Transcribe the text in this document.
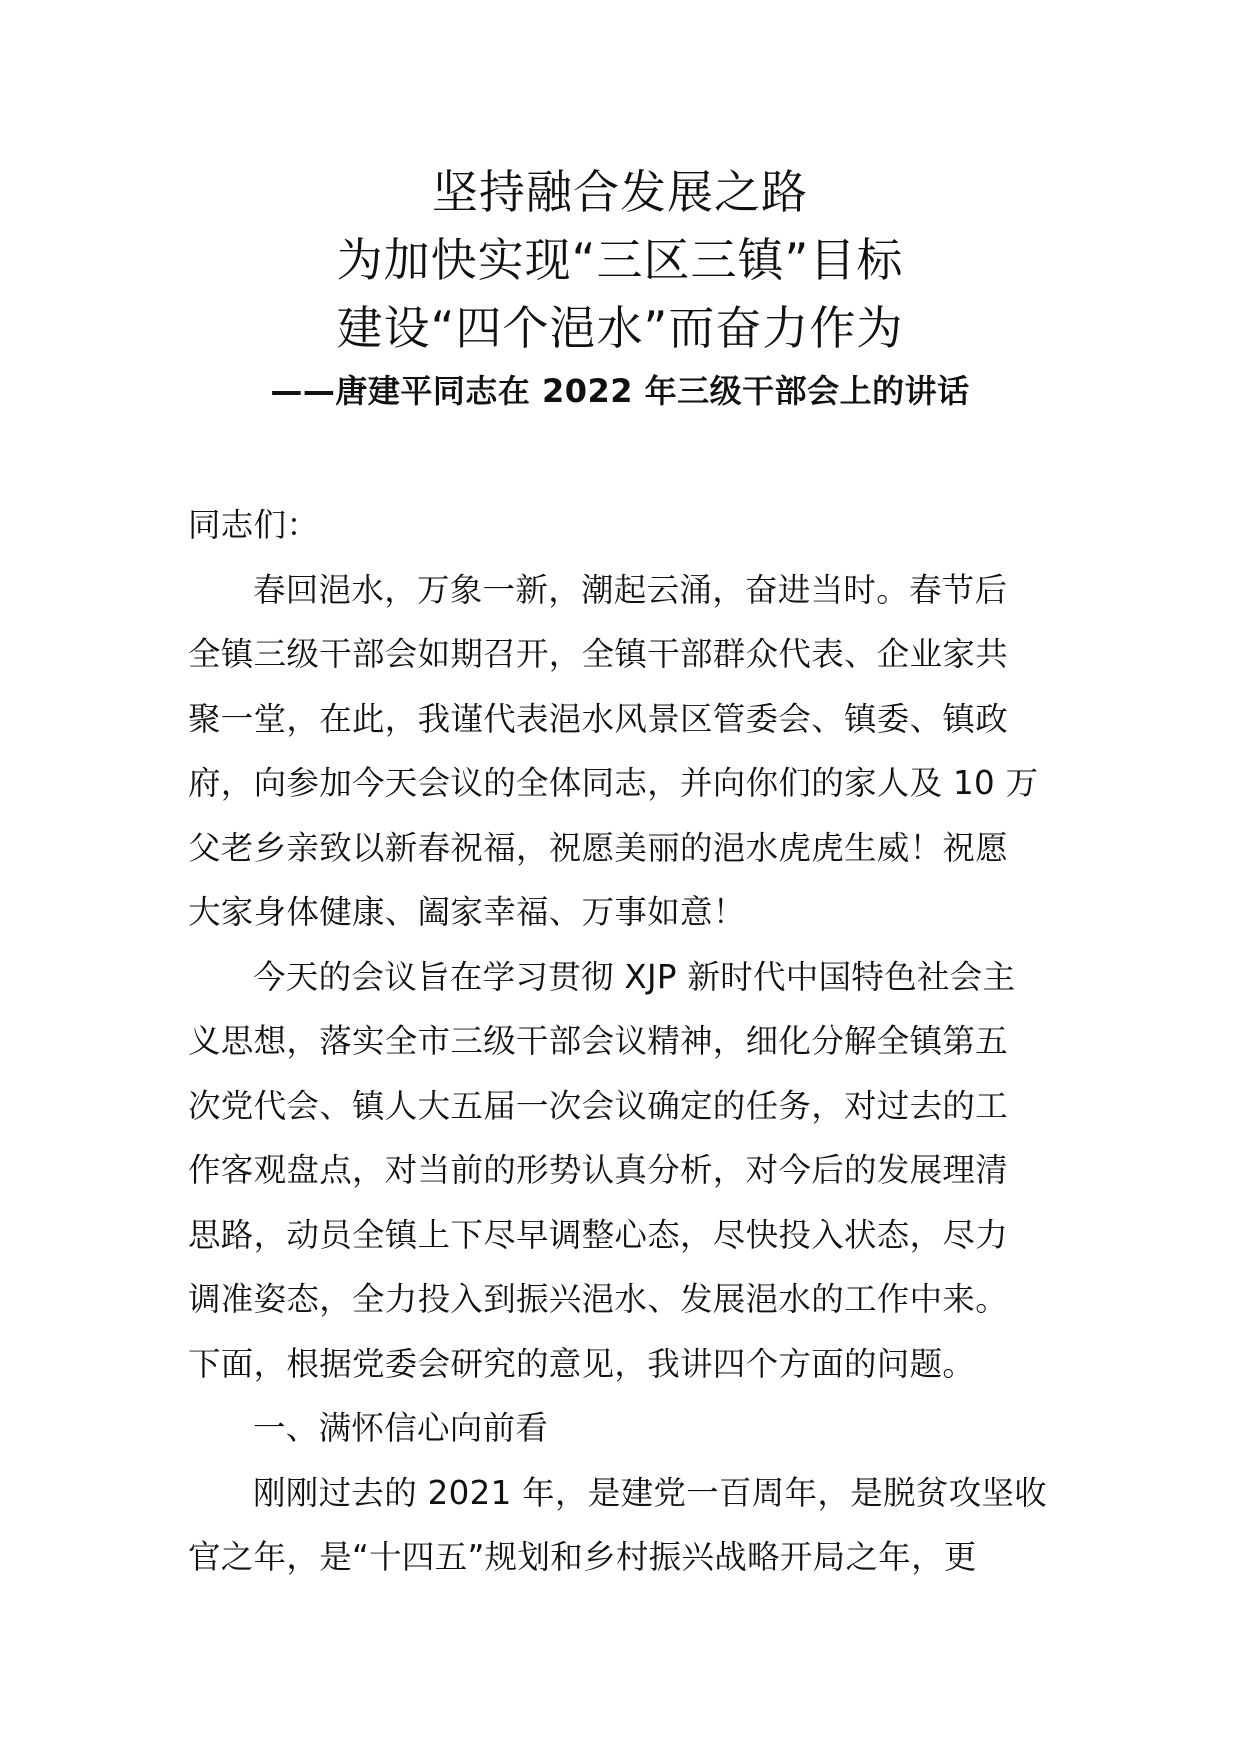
坚持融合发展之路
为加快实现“三区三镇”目标
建设“四个浥水”而奋力作为
——唐建平同志在 2022 年三级干部会上的讲话
同志们：
春回浥水，万象一新，潮起云涌，奋进当时。春节后
全镇三级干部会如期召开，全镇干部群众代表、企业家共
聚一堂，在此，我谨代表浥水风景区管委会、镇委、镇政
府，向参加今天会议的全体同志，并向你们的家人及 10 万
父老乡亲致以新春祝福，祝愿美丽的浥水虎虎生威！祝愿
大家身体健康、阖家幸福、万事如意！
今天的会议旨在学习贯彻 XJP 新时代中国特色社会主
义思想，落实全市三级干部会议精神，细化分解全镇第五
次党代会、镇人大五届一次会议确定的任务，对过去的工
作客观盘点，对当前的形势认真分析，对今后的发展理清
思路，动员全镇上下尽早调整心态，尽快投入状态，尽力
调准姿态，全力投入到振兴浥水、发展浥水的工作中来。
下面，根据党委会研究的意见，我讲四个方面的问题。
一、满怀信心向前看
刚刚过去的 2021 年，是建党一百周年，是脱贫攻坚收
官之年，是“十四五”规划和乡村振兴战略开局之年，更
